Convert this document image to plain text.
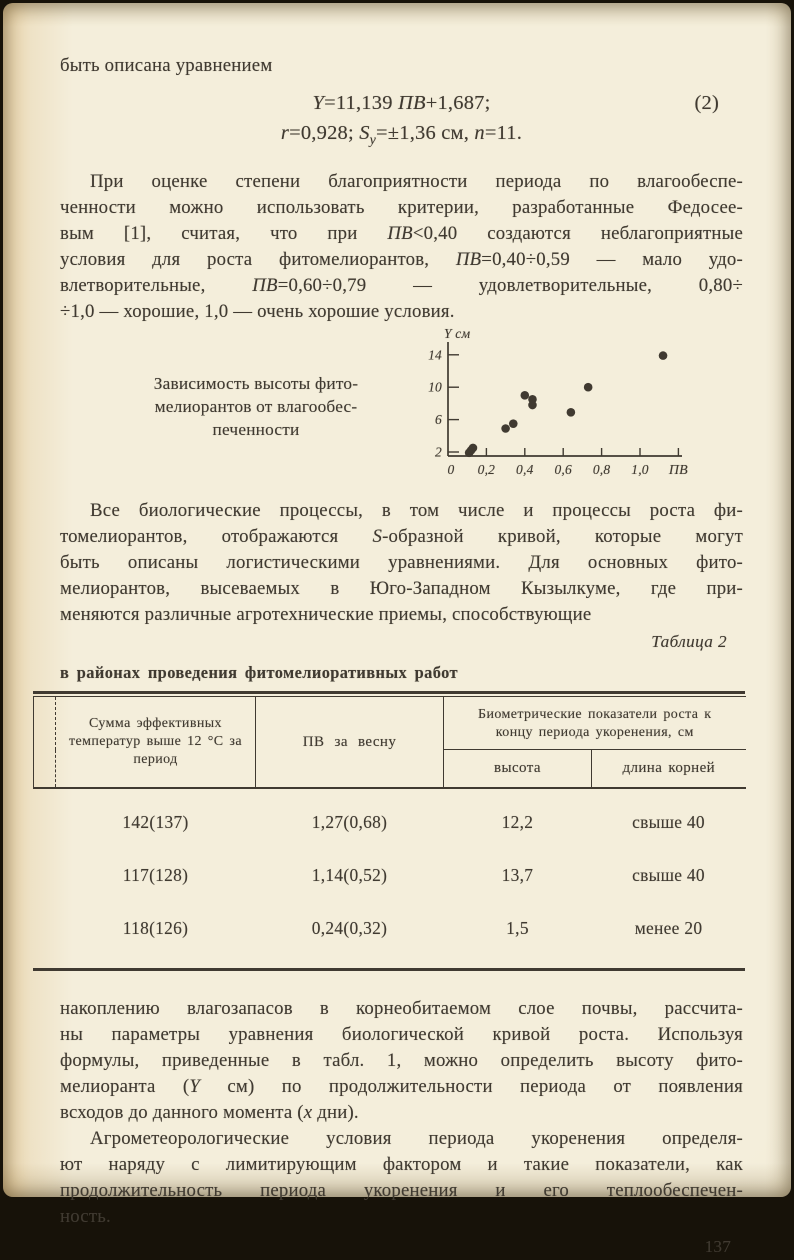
быть описана уравнением
Y=11,139 ПВ+1,687;	(2)
r=0,928; $S_y=\pm 1,36$ см, n=11.
При оценке степени благоприятности периода по влагообеспе-
ченности можно использовать критерии, разработанные Федосее-
вым [1], считая, что при ПВ<0,40 создаются неблагоприятные
условия для роста фитомелиорантов, ПВ=0,40÷0,59 — мало удо-
влетворительные, ПВ=0,60÷0,79 — удовлетворительные, 0,80÷
÷1,0 — хорошие, 1,0 — очень хорошие условия.
Зависимость высоты фито-
мелиорантов от влагообес-
печенности
0 0,2 0,4 0,6 0,8 1,0 ПВ
2
6
10
14
Y см
Все биологические процессы, в том числе и процессы роста фи-
томелиорантов, отображаются S-образной кривой, которые могут
быть описаны логистическими уравнениями. Для основных фито-
мелиорантов, высеваемых в Юго-Западном Кызылкуме, где при-
меняются различные агротехнические приемы, способствующие
Таблица 2
в районах проведения фитомелиоративных работ
	Сумма эффективных температур выше 12 °С за период	ПВ за весну	Биометрические показатели роста к концу периода укоренения, см	
			высота	длина корней
	142(137)	1,27(0,68)	12,2	свыше 40
	117(128)	1,14(0,52)	13,7	свыше 40
	118(126)	0,24(0,32)	1,5	менее 20
накоплению влагозапасов в корнеобитаемом слое почвы, рассчита-
ны параметры уравнения биологической кривой роста. Используя
формулы, приведенные в табл. 1, можно определить высоту фито-
мелиоранта (Y см) по продолжительности периода от появления
всходов до данного момента (x дни).
Агрометеорологические условия периода укоренения определя-
ют наряду с лимитирующим фактором и такие показатели, как
продолжительность периода укоренения и его теплообеспечен-
ность.
137
